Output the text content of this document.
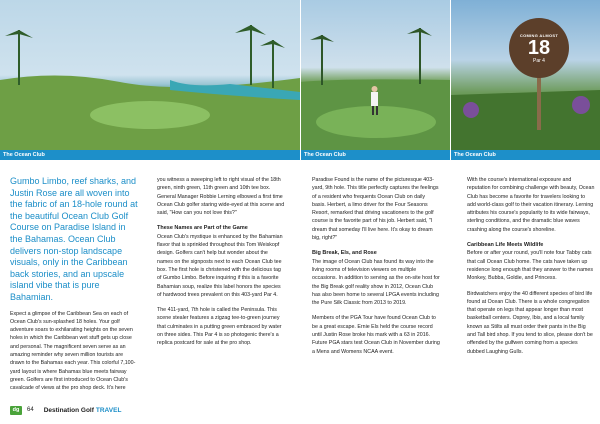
COMING ALMOST
18
Par 4
The Ocean Club	The Ocean Club	The Ocean Club

Gumbo Limbo, reef sharks, and Justin Rose are all woven into the fabric of an 18-hole round at the beautiful Ocean Club Golf Course on Paradise Island in the Bahamas. Ocean Club delivers non-stop landscape visuals, only in the Caribbean back stories, and an upscale island vibe that is pure Bahamian.

Expect a glimpse of the Caribbean Sea on each of Ocean Club's sun-splashed 18 holes. Your golf adventure soars to exhilarating heights on the seven holes in which the Caribbean wet stuff gets up close and personal. The magnificent seven serve as an amazing reminder why seven million tourists are drawn to the Bahamas each year. This colorful 7,100-yard layout is where Bahamas blue meets fairway green. Golfers are first introduced to Ocean Club's cavalcade of views at the pro shop deck. It's here

you witness a sweeping left to right visual of the 18th green, ninth green, 11th green and 10th tee box. General Manager Robbie Lerning elbowed a first time Ocean Club golfer staring wide-eyed at this scene and said, "How can you not love this?"

These Names are Part of the Game

Ocean Club's mystique is enhanced by the Bahamian flavor that is sprinkled throughout this Tom Weiskopf design. Golfers can't help but wonder about the names on the signposts next to each Ocean Club tee box. The first hole is christened with the delicious tag of Gumbo Limbo. Before inquiring if this is a favorite Bahamian soup, realize this label honors the species of hardwood trees prevalent on this 403-yard Par 4.

The 411-yard, 7th hole is called the Peninsula. This scene stealer features a zigzag tee-to-green journey that culminates in a putting green embraced by water on three sides. This Par 4 is so photogenic there's a replica postcard for sale at the pro shop.

Paradise Found is the name of the picturesque 403-yard, 9th hole. This title perfectly captures the feelings of a resident who frequents Ocean Club on daily basis. Herbert, a limo driver for the Four Seasons Resort, remarked that driving vacationers to the golf course is the favorite part of his job. Herbert said, "I dream that someday I'll live here. It's okay to dream big, right?"

Big Break, Els, and Rose

The image of Ocean Club has found its way into the living rooms of television viewers on multiple occasions. In addition to serving as the on-site host for the Big Break golf reality show in 2012, Ocean Club has also been home to several LPGA events including the Pure Silk Classic from 2013 to 2019.

Members of the PGA Tour have found Ocean Club to be a great escape. Ernie Els held the course record until Justin Rose broke his mark with a 63 in 2016. Future PGA stars test Ocean Club in November during a Mens and Womens NCAA event.

With the course's international exposure and reputation for combining challenge with beauty, Ocean Club has become a favorite for travelers looking to add world-class golf to their vacation itinerary. Lerning attributes his course's popularity to its wide fairways, sterling conditions, and the dramatic blue waves crashing along the course's shoreline.

Caribbean Life Meets Wildlife

Before or after your round, you'll note four Tabby cats that call Ocean Club home. The cats have taken up residence long enough that they answer to the names Monkey, Bubba, Goldie, and Princess.

Birdwatchers enjoy the 40 different species of bird life found at Ocean Club. There is a whole congregation that operate on legs that appear longer than most basketball centers. Osprey, Ibis, and a local family known as Stilts all must order their pants in the Big and Tall bird shop. If you tend to slice, please don't be offended by the gulfwen coming from a species dubbed Laughing Gulls.

dg	64 Destination Golf TRAVEL
